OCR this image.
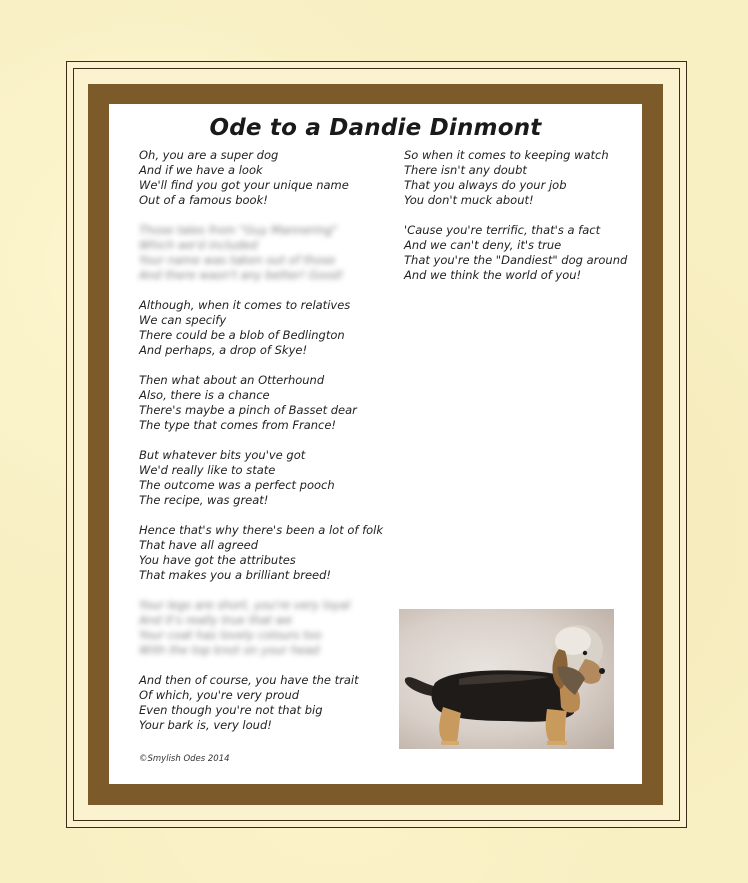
Ode to a Dandie Dinmont
Oh, you are a super dog
And if we have a look
We'll find you got your unique name
Out of a famous book!
Those tales from "Guy Mannering"
Which we'd included
Your name was taken out of those
And there wasn't any better! Good!
Although, when it comes to relatives
We can specify
There could be a blob of Bedlington
And perhaps, a drop of Skye!
Then what about an Otterhound
Also, there is a chance
There's maybe a pinch of Basset dear
The type that comes from France!
But whatever bits you've got
We'd really like to state
The outcome was a perfect pooch
The recipe, was great!
Hence that's why there's been a lot of folk
That have all agreed
You have got the attributes
That makes you a brilliant breed!
Your legs are short, you're very loyal
And it's really true that we
Your coat has lovely colours too
With the top knot on your head
And then of course, you have the trait
Of which, you're very proud
Even though you're not that big
Your bark is, very loud!
So when it comes to keeping watch
There isn't any doubt
That you always do your job
You don't muck about!
'Cause you're terrific, that's a fact
And we can't deny, it's true
That you're the "Dandiest" dog around
And we think the world of you!
©Smylish Odes 2014
